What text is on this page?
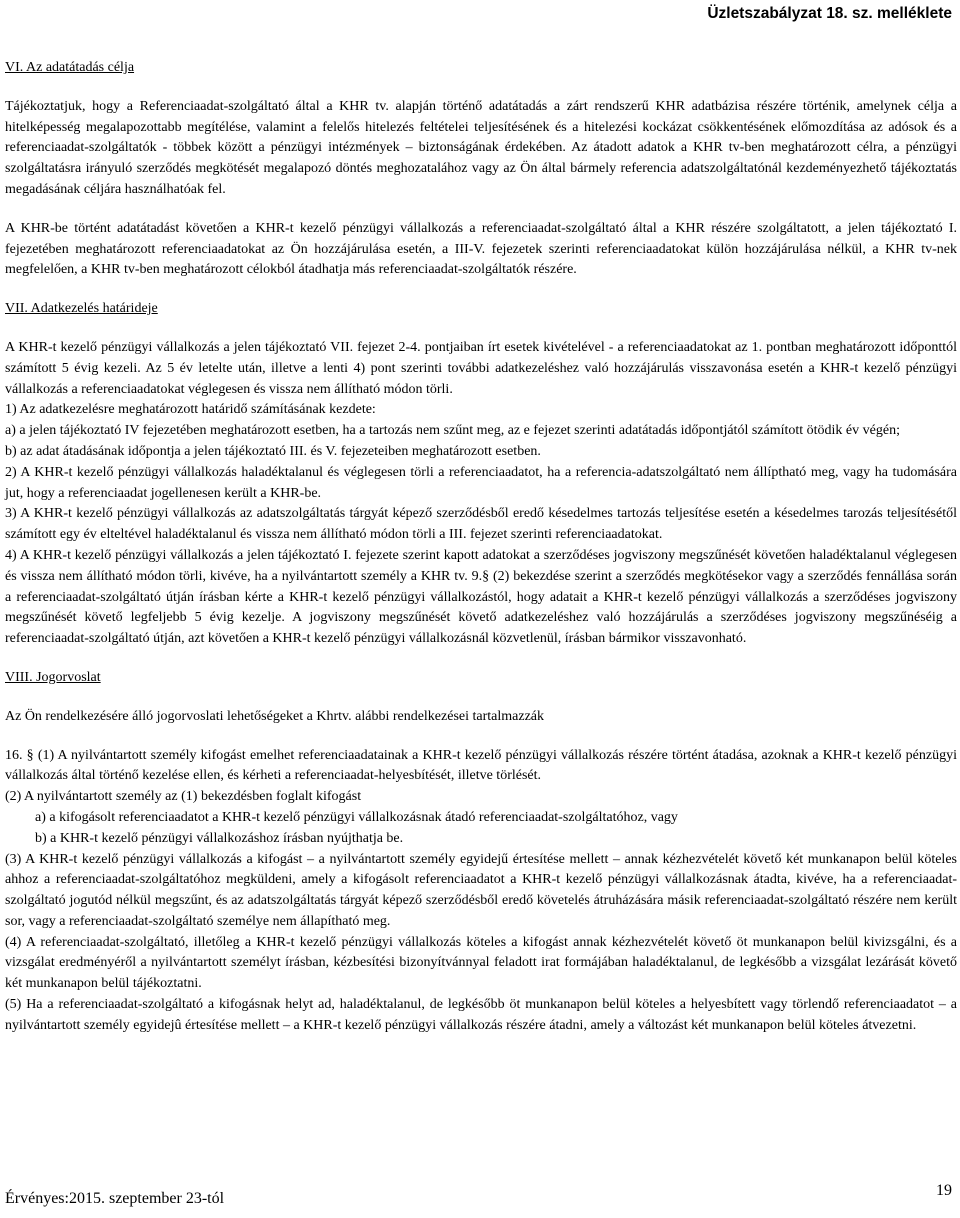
Üzletszabályzat 18. sz. melléklete

VI. Az adatátadás célja

Tájékoztatjuk, hogy a Referenciaadat-szolgáltató által a KHR tv. alapján történő adatátadás a zárt rendszerű KHR adatbázisa részére történik, amelynek célja a hitelképesség megalapozottabb megítélése, valamint a felelős hitelezés feltételei teljesítésének és a hitelezési kockázat csökkentésének előmozdítása az adósok és a referenciaadat-szolgáltatók - többek között a pénzügyi intézmények – biztonságának érdekében. Az átadott adatok a KHR tv-ben meghatározott célra, a pénzügyi szolgáltatásra irányuló szerződés megkötését megalapozó döntés meghozatalához vagy az Ön által bármely referencia adatszolgáltatónál kezdeményezhető tájékoztatás megadásának céljára használhatóak fel.

A KHR-be történt adatátadást követően a KHR-t kezelő pénzügyi vállalkozás a referenciaadat-szolgáltató által a KHR részére szolgáltatott, a jelen tájékoztató I. fejezetében meghatározott referenciaadatokat az Ön hozzájárulása esetén, a III-V. fejezetek szerinti referenciaadatokat külön hozzájárulása nélkül, a KHR tv-nek megfelelően, a KHR tv-ben meghatározott célokból átadhatja más referenciaadat-szolgáltatók részére.

VII. Adatkezelés határideje

A KHR-t kezelő pénzügyi vállalkozás a jelen tájékoztató VII. fejezet 2-4. pontjaiban írt esetek kivételével - a referenciaadatokat az 1. pontban meghatározott időponttól számított 5 évig kezeli. Az 5 év letelte után, illetve a lenti 4) pont szerinti további adatkezeléshez való hozzájárulás visszavonása esetén a KHR-t kezelő pénzügyi vállalkozás a referenciaadatokat véglegesen és vissza nem állítható módon törli.

1) Az adatkezelésre meghatározott határidő számításának kezdete:

a) a jelen tájékoztató IV fejezetében meghatározott esetben, ha a tartozás nem szűnt meg, az e fejezet szerinti adatátadás időpontjától számított ötödik év végén;

b) az adat átadásának időpontja a jelen tájékoztató III. és V. fejezeteiben meghatározott esetben.

2) A KHR-t kezelő pénzügyi vállalkozás haladéktalanul és véglegesen törli a referenciaadatot, ha a referencia-adatszolgáltató nem állíptható meg, vagy ha tudomására jut, hogy a referenciaadat jogellenesen került a KHR-be.

3) A KHR-t kezelő pénzügyi vállalkozás az adatszolgáltatás tárgyát képező szerződésből eredő késedelmes tartozás teljesítése esetén a késedelmes tarozás teljesítésétől számított egy év elteltével haladéktalanul és vissza nem állítható módon törli a III. fejezet szerinti referenciaadatokat.

4) A KHR-t kezelő pénzügyi vállalkozás a jelen tájékoztató I. fejezete szerint kapott adatokat a szerződéses jogviszony megszűnését követően haladéktalanul véglegesen és vissza nem állítható módon törli, kivéve, ha a nyilvántartott személy a KHR tv. 9.§ (2) bekezdése szerint a szerződés megkötésekor vagy a szerződés fennállása során a referenciaadat-szolgáltató útján írásban kérte a KHR-t kezelő pénzügyi vállalkozástól, hogy adatait a KHR-t kezelő pénzügyi vállalkozás a szerződéses jogviszony megszűnését követő legfeljebb 5 évig kezelje. A jogviszony megszűnését követő adatkezeléshez való hozzájárulás a szerződéses jogviszony megszűnéséig a referenciaadat-szolgáltató útján, azt követően a KHR-t kezelő pénzügyi vállalkozásnál közvetlenül, írásban bármikor visszavonható.

VIII. Jogorvoslat

Az Ön rendelkezésére álló jogorvoslati lehetőségeket a Khrtv. alábbi rendelkezései tartalmazzák

16. § (1) A nyilvántartott személy kifogást emelhet referenciaadatainak a KHR-t kezelő pénzügyi vállalkozás részére történt átadása, azoknak a KHR-t kezelő pénzügyi vállalkozás által történő kezelése ellen, és kérheti a referenciaadat-helyesbítését, illetve törlését.

(2) A nyilvántartott személy az (1) bekezdésben foglalt kifogást

a) a kifogásolt referenciaadatot a KHR-t kezelő pénzügyi vállalkozásnak átadó referenciaadat-szolgáltatóhoz, vagy

b) a KHR-t kezelő pénzügyi vállalkozáshoz írásban nyújthatja be.

(3) A KHR-t kezelő pénzügyi vállalkozás a kifogást – a nyilvántartott személy egyidejű értesítése mellett – annak kézhezvételét követő két munkanapon belül köteles ahhoz a referenciaadat-szolgáltatóhoz megküldeni, amely a kifogásolt referenciaadatot a KHR-t kezelő pénzügyi vállalkozásnak átadta, kivéve, ha a referenciaadat-szolgáltató jogutód nélkül megszűnt, és az adatszolgáltatás tárgyát képező szerződésből eredő követelés átruházására másik referenciaadat-szolgáltató részére nem került sor, vagy a referenciaadat-szolgáltató személye nem állapítható meg.

(4) A referenciaadat-szolgáltató, illetőleg a KHR-t kezelő pénzügyi vállalkozás köteles a kifogást annak kézhezvételét követő öt munkanapon belül kivizsgálni, és a vizsgálat eredményéről a nyilvántartott személyt írásban, kézbesítési bizonyítvánnyal feladott irat formájában haladéktalanul, de legkésőbb a vizsgálat lezárását követő két munkanapon belül tájékoztatni.

(5) Ha a referenciaadat-szolgáltató a kifogásnak helyt ad, haladéktalanul, de legkésőbb öt munkanapon belül köteles a helyesbített vagy törlendő referenciaadatot – a nyilvántartott személy egyidejû értesítése mellett – a KHR-t kezelő pénzügyi vállalkozás részére átadni, amely a változást két munkanapon belül köteles átvezetni.

Érvényes:2015. szeptember 23-tól	19
